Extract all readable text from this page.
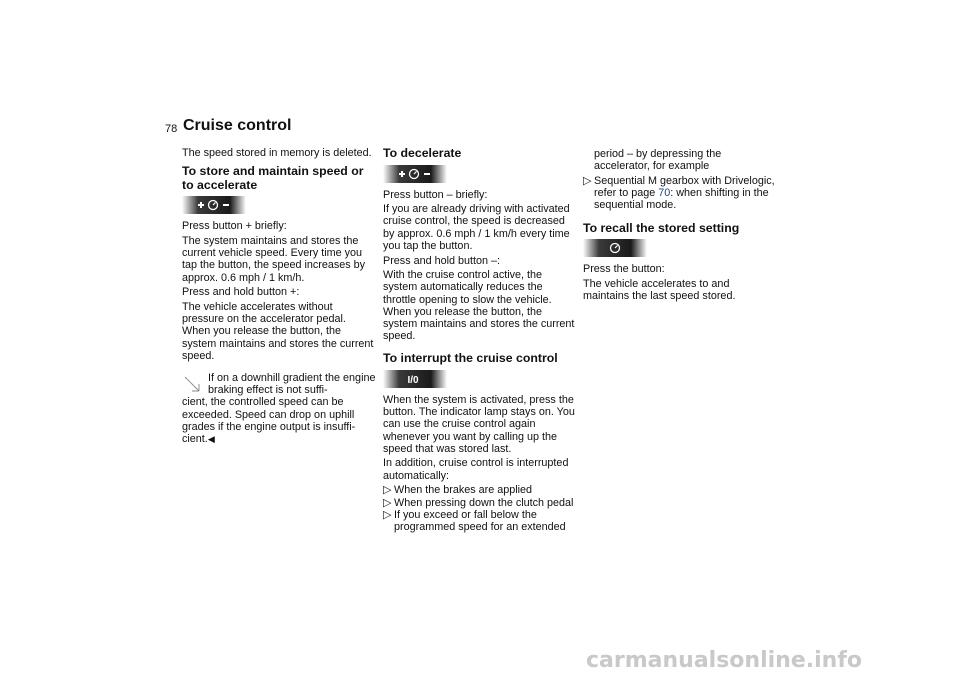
78 Cruise control

The speed stored in memory is deleted.

To store and maintain speed or to accelerate

Press button + briefly:

The system maintains and stores the current vehicle speed. Every time you tap the button, the speed increases by approx. 0.6 mph / 1 km/h.

Press and hold button +:

The vehicle accelerates without pressure on the accelerator pedal. When you release the button, the system maintains and stores the current speed.

If on a downhill gradient the engine braking effect is not suffi-
cient, the controlled speed can be exceeded. Speed can drop on uphill grades if the engine output is insuffi-cient.◀

To decelerate

Press button – briefly:

If you are already driving with activated cruise control, the speed is decreased by approx. 0.6 mph / 1 km/h every time you tap the button.

Press and hold button –:

With the cruise control active, the system automatically reduces the throttle opening to slow the vehicle. When you release the button, the system maintains and stores the current speed.

To interrupt the cruise control
I/0

When the system is activated, press the button. The indicator lamp stays on. You can use the cruise control again whenever you want by calling up the speed that was stored last.

In addition, cruise control is interrupted automatically:

▷ When the brakes are applied
▷ When pressing down the clutch pedal
▷ If you exceed or fall below the programmed speed for an extended

period – by depressing the accelerator, for example

▷ Sequential M gearbox with Drivelogic, refer to page 70: when shifting in the sequential mode.
To recall the stored setting

Press the button:

The vehicle accelerates to and maintains the last speed stored.

carmanualsonline.info
